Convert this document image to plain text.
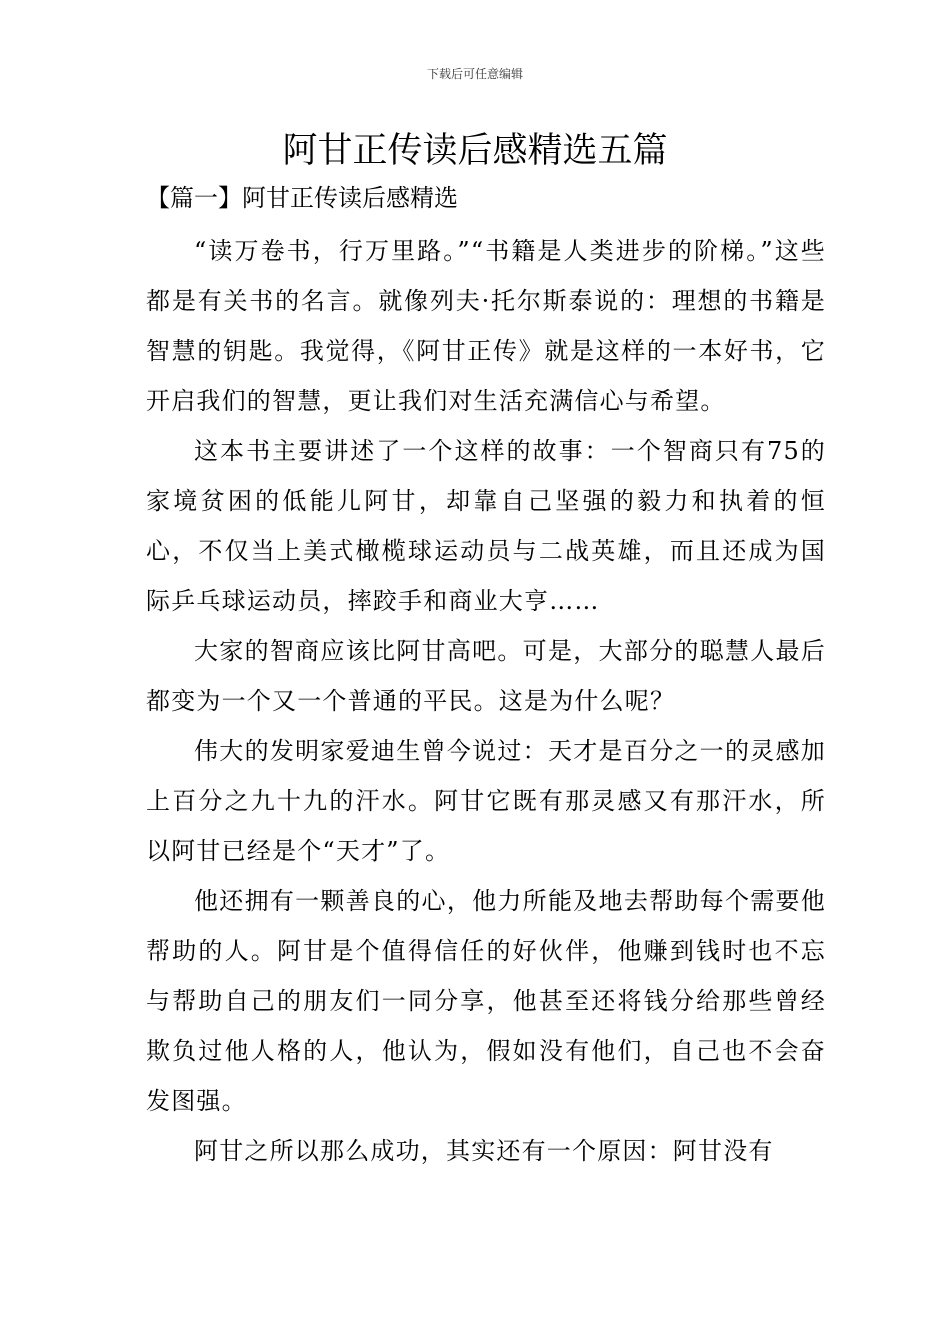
下载后可任意编辑
阿甘正传读后感精选五篇
【篇一】阿甘正传读后感精选

“读万卷书，行万里路。”“书籍是人类进步的阶梯。”这些都是有关书的名言。就像列夫·托尔斯泰说的：理想的书籍是智慧的钥匙。我觉得，《阿甘正传》就是这样的一本好书，它开启我们的智慧，更让我们对生活充满信心与希望。

这本书主要讲述了一个这样的故事：一个智商只有75的家境贫困的低能儿阿甘，却靠自己坚强的毅力和执着的恒心，不仅当上美式橄榄球运动员与二战英雄，而且还成为国际乒乓球运动员，摔跤手和商业大亨……

大家的智商应该比阿甘高吧。可是，大部分的聪慧人最后都变为一个又一个普通的平民。这是为什么呢？

伟大的发明家爱迪生曾今说过：天才是百分之一的灵感加上百分之九十九的汗水。阿甘它既有那灵感又有那汗水，所以阿甘已经是个“天才”了。

他还拥有一颗善良的心，他力所能及地去帮助每个需要他帮助的人。阿甘是个值得信任的好伙伴，他赚到钱时也不忘与帮助自己的朋友们一同分享，他甚至还将钱分给那些曾经欺负过他人格的人，他认为，假如没有他们，自己也不会奋发图强。

阿甘之所以那么成功，其实还有一个原因：阿甘没有
